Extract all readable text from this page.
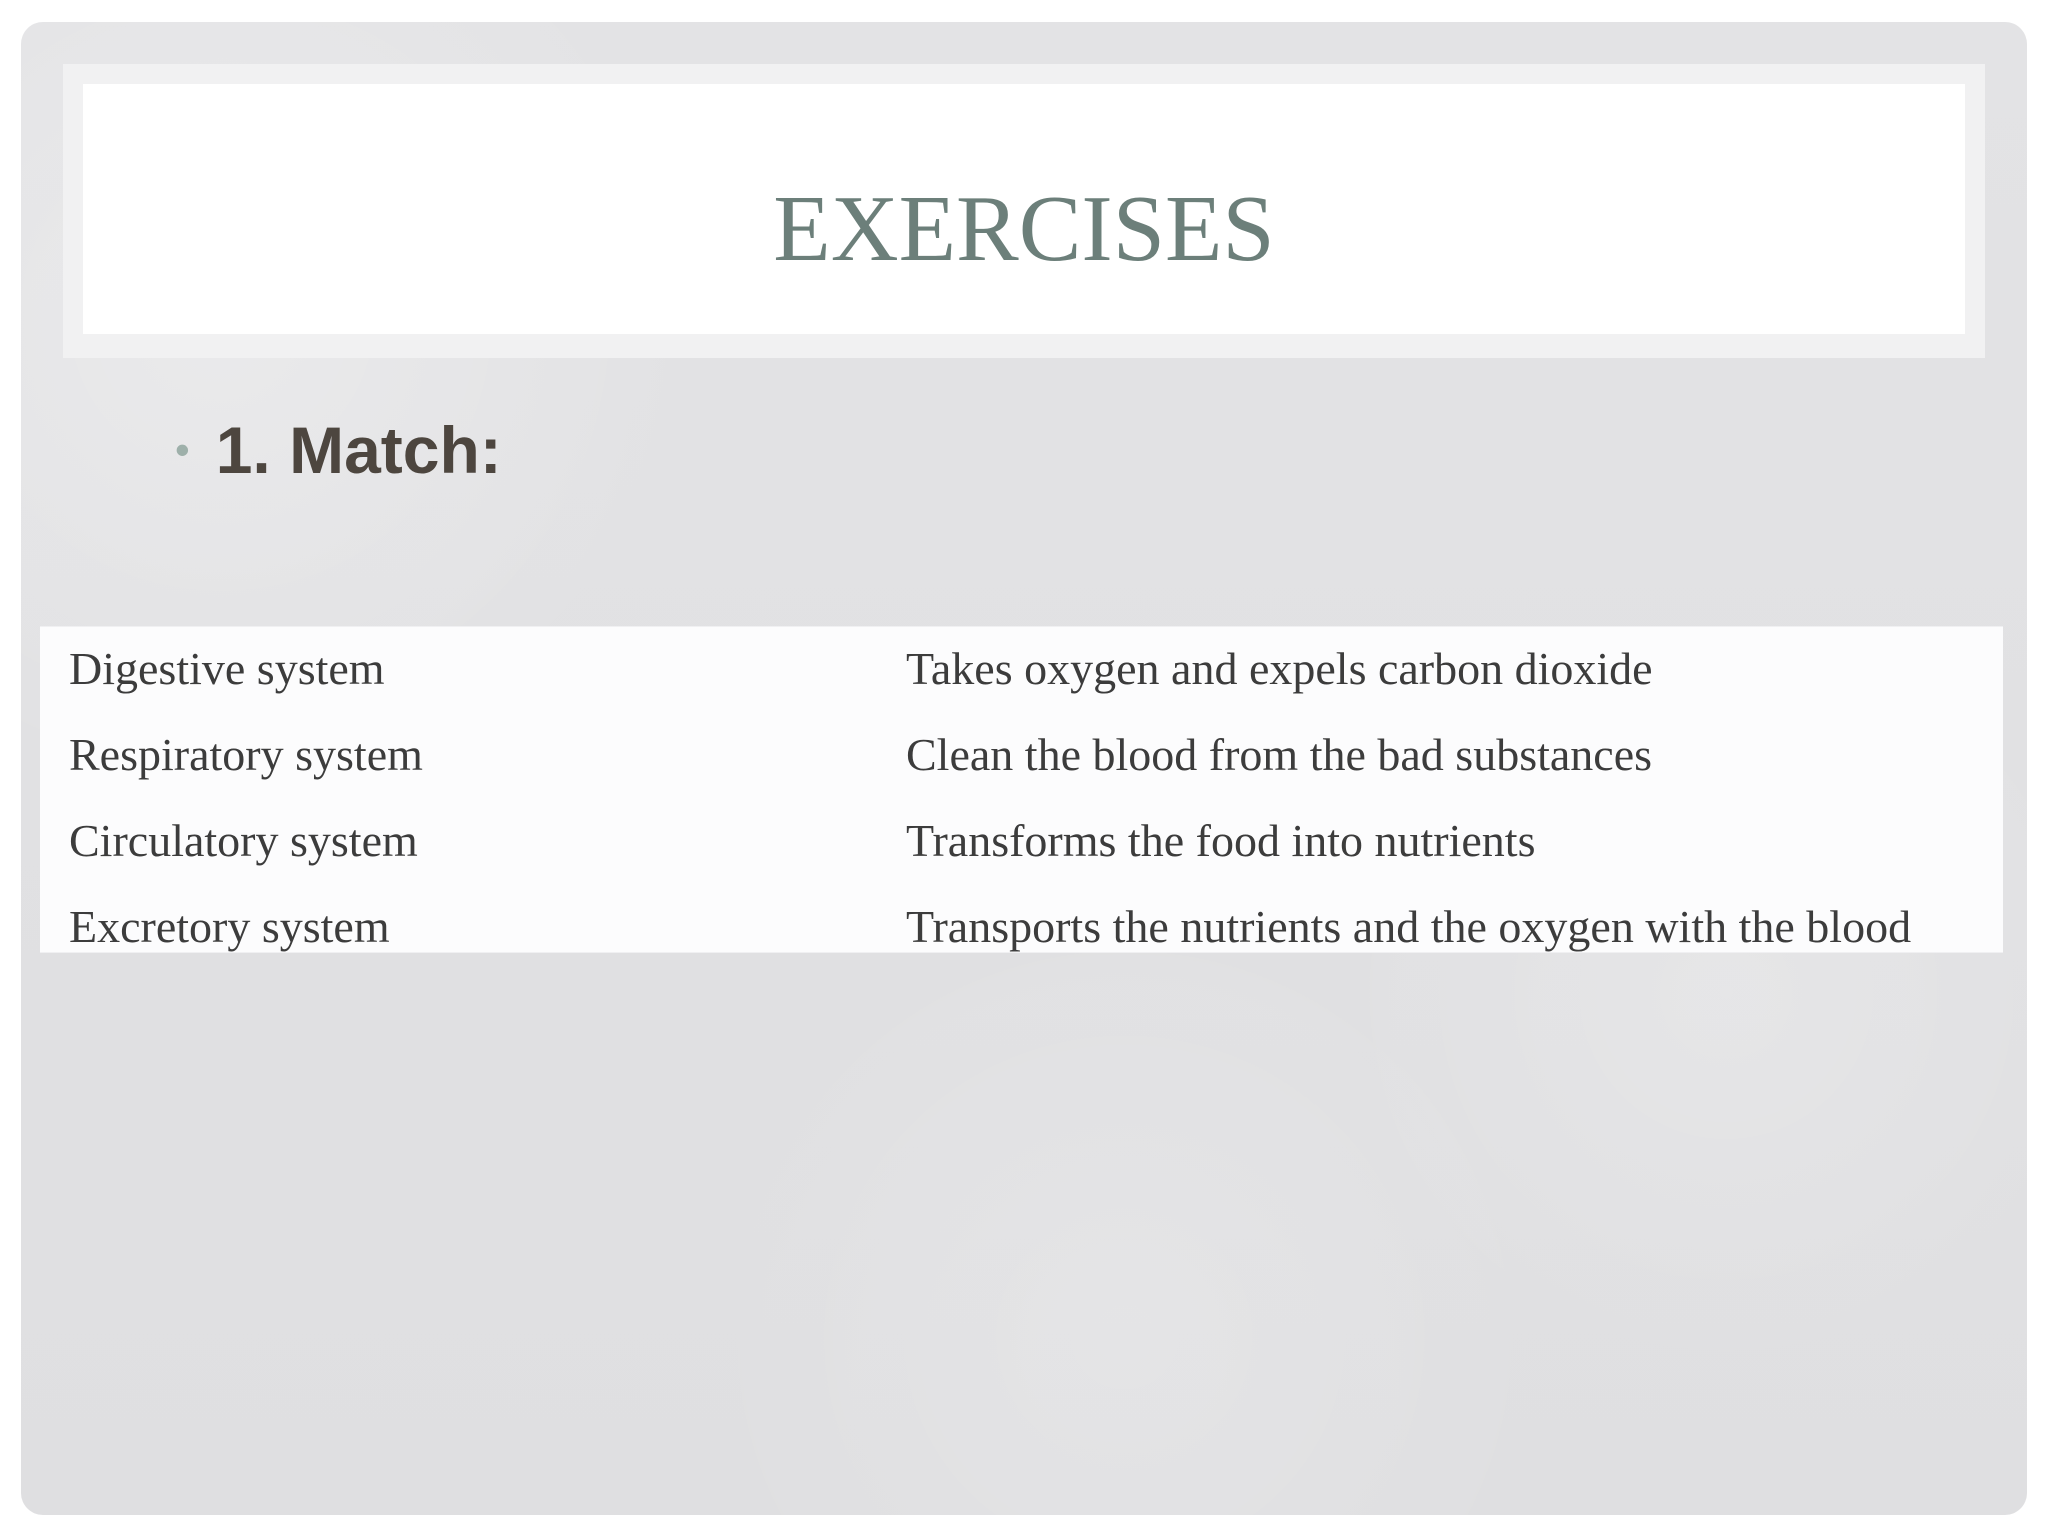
EXERCISES
• 1. Match:
Digestive system	Takes oxygen and expels carbon dioxide
Respiratory system	Clean the blood from the bad substances
Circulatory system	Transforms the food into nutrients
Excretory system	Transports the nutrients and the oxygen with the blood
